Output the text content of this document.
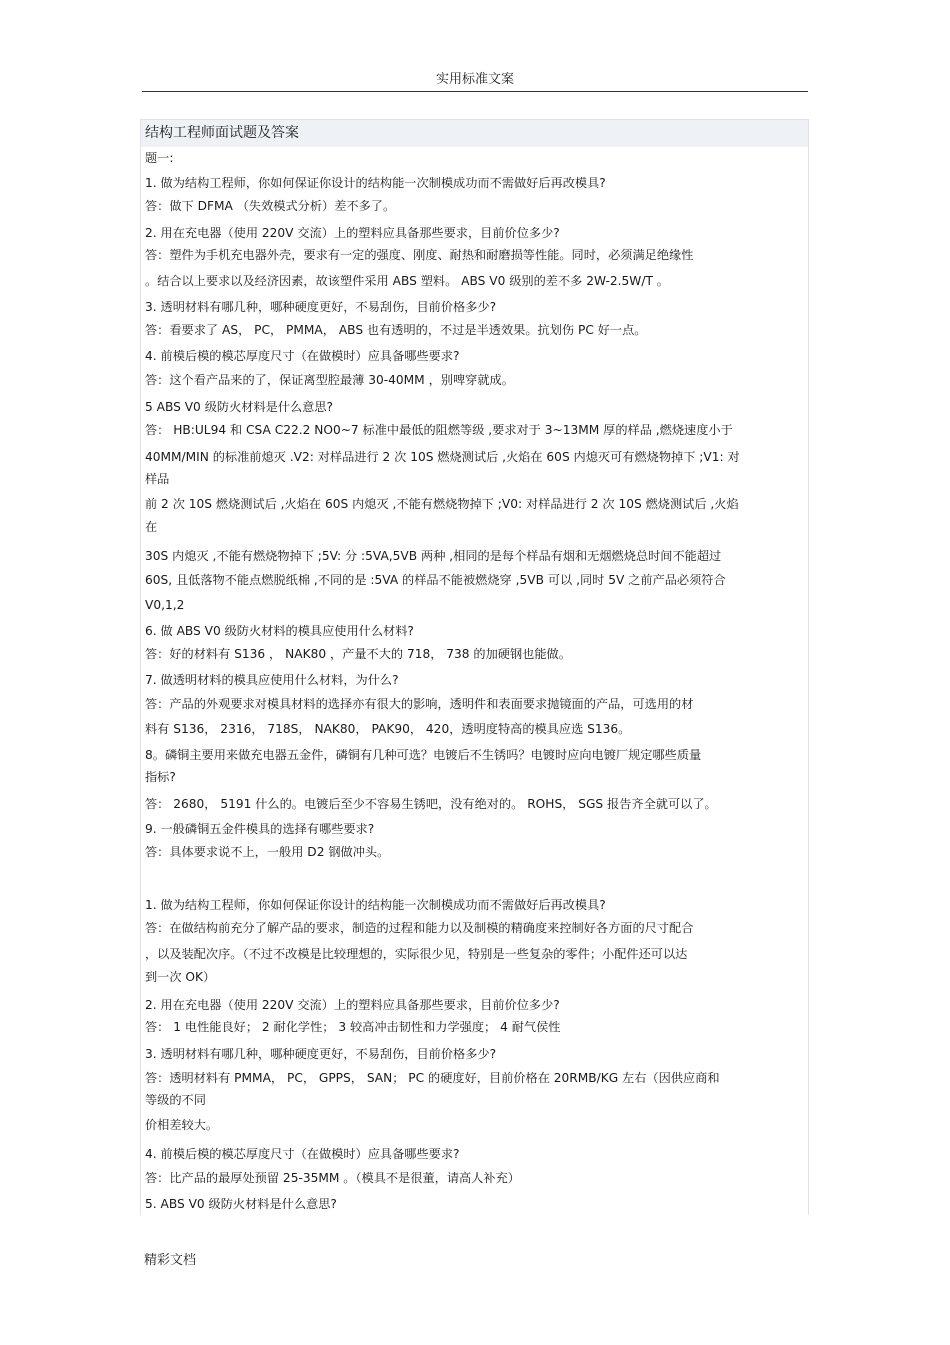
实用标准文案
结构工程师面试题及答案
题一:
1. 做为结构工程师，你如何保证你设计的结构能一次制模成功而不需做好后再改模具?
答：做下 DFMA （失效模式分析）差不多了。
2. 用在充电器（使用 220V 交流）上的塑料应具备那些要求，目前价位多少?
答：塑件为手机充电器外壳，要求有一定的强度、刚度、耐热和耐磨损等性能。同时，必须满足绝缘性
。结合以上要求以及经济因素，故该塑件采用 ABS 塑料。 ABS V0 级别的差不多 2W-2.5W/T 。
3. 透明材料有哪几种，哪种硬度更好，不易刮伤，目前价格多少?
答：看要求了 AS， PC， PMMA， ABS 也有透明的，不过是半透效果。抗划伤 PC 好一点。
4. 前模后模的模芯厚度尺寸（在做模时）应具备哪些要求?
答：这个看产品来的了，保证离型腔最薄 30-40MM ，别啤穿就成。
5 ABS V0 级防火材料是什么意思?
答： HB:UL94 和 CSA C22.2 NO0~7 标准中最低的阻燃等级 ,要求对于 3~13MM 厚的样品 ,燃烧速度小于
40MM/MIN 的标准前熄灭 .V2: 对样品进行 2 次 10S 燃烧测试后 ,火焰在 60S 内熄灭可有燃烧物掉下 ;V1: 对
样品
前 2 次 10S 燃烧测试后 ,火焰在 60S 内熄灭 ,不能有燃烧物掉下 ;V0: 对样品进行 2 次 10S 燃烧测试后 ,火焰
在
30S 内熄灭 ,不能有燃烧物掉下 ;5V: 分 :5VA,5VB 两种 ,相同的是每个样品有烟和无烟燃烧总时间不能超过
60S, 且低落物不能点燃脱纸棉 ,不同的是 :5VA 的样品不能被燃烧穿 ,5VB 可以 ,同时 5V 之前产品必须符合
V0,1,2
6. 做 ABS V0 级防火材料的模具应使用什么材料?
答：好的材料有 S136 ， NAK80 ，产量不大的 718， 738 的加硬钢也能做。
7. 做透明材料的模具应使用什么材料，为什么?
答：产品的外观要求对模具材料的选择亦有很大的影响，透明件和表面要求抛镜面的产品，可选用的材
料有 S136， 2316， 718S， NAK80， PAK90， 420，透明度特高的模具应选 S136。
8。磷铜主要用来做充电器五金件，磷铜有几种可选？电镀后不生锈吗？电镀时应向电镀厂规定哪些质量
指标?
答： 2680， 5191 什么的。电镀后至少不容易生锈吧，没有绝对的。 ROHS， SGS 报告齐全就可以了。
9. 一般磷铜五金件模具的选择有哪些要求?
答：具体要求说不上，一般用 D2 钢做冲头。
1. 做为结构工程师，你如何保证你设计的结构能一次制模成功而不需做好后再改模具?
答：在做结构前充分了解产品的要求，制造的过程和能力以及制模的精确度来控制好各方面的尺寸配合
，以及装配次序。（不过不改模是比较理想的，实际很少见，特别是一些复杂的零件；小配件还可以达
到一次 OK）
2. 用在充电器（使用 220V 交流）上的塑料应具备那些要求，目前价位多少?
答： 1 电性能良好； 2 耐化学性； 3 较高冲击韧性和力学强度； 4 耐气侯性
3. 透明材料有哪几种，哪种硬度更好，不易刮伤，目前价格多少?
答：透明材料有 PMMA， PC， GPPS， SAN； PC 的硬度好，目前价格在 20RMB/KG 左右（因供应商和
等级的不同
价相差较大。
4. 前模后模的模芯厚度尺寸（在做模时）应具备哪些要求?
答：比产品的最厚处预留 25-35MM 。（模具不是很董，请高人补充）
5. ABS V0 级防火材料是什么意思?
精彩文档
